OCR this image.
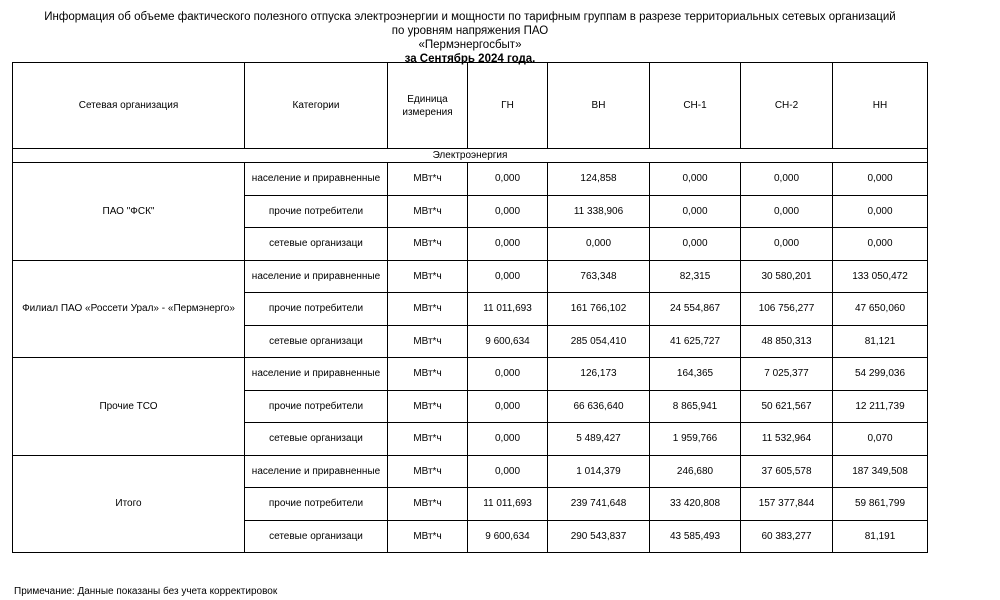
Информация об объеме фактического полезного отпуска электроэнергии и мощности по тарифным группам в разрезе территориальных сетевых организаций по уровням напряжения ПАО
«Пермэнергосбыт»
за Сентябрь 2024 года.
Сетевая организация	Категории	Единица измерения	ГН	ВН	СН-1	СН-2	НН
Электроэнергия							
ПАО "ФСК"	население и приравненные	МВт*ч	0,000	124,858	0,000	0,000	0,000
	прочие потребители	МВт*ч	0,000	11 338,906	0,000	0,000	0,000
	сетевые организаци	МВт*ч	0,000	0,000	0,000	0,000	0,000
Филиал ПАО «Россети Урал» - «Пермэнерго»	население и приравненные	МВт*ч	0,000	763,348	82,315	30 580,201	133 050,472
	прочие потребители	МВт*ч	11 011,693	161 766,102	24 554,867	106 756,277	47 650,060
	сетевые организаци	МВт*ч	9 600,634	285 054,410	41 625,727	48 850,313	81,121
Прочие ТСО	население и приравненные	МВт*ч	0,000	126,173	164,365	7 025,377	54 299,036
	прочие потребители	МВт*ч	0,000	66 636,640	8 865,941	50 621,567	12 211,739
	сетевые организаци	МВт*ч	0,000	5 489,427	1 959,766	11 532,964	0,070
Итого	население и приравненные	МВт*ч	0,000	1 014,379	246,680	37 605,578	187 349,508
	прочие потребители	МВт*ч	11 011,693	239 741,648	33 420,808	157 377,844	59 861,799
	сетевые организаци	МВт*ч	9 600,634	290 543,837	43 585,493	60 383,277	81,191
Примечание: Данные показаны без учета корректировок
